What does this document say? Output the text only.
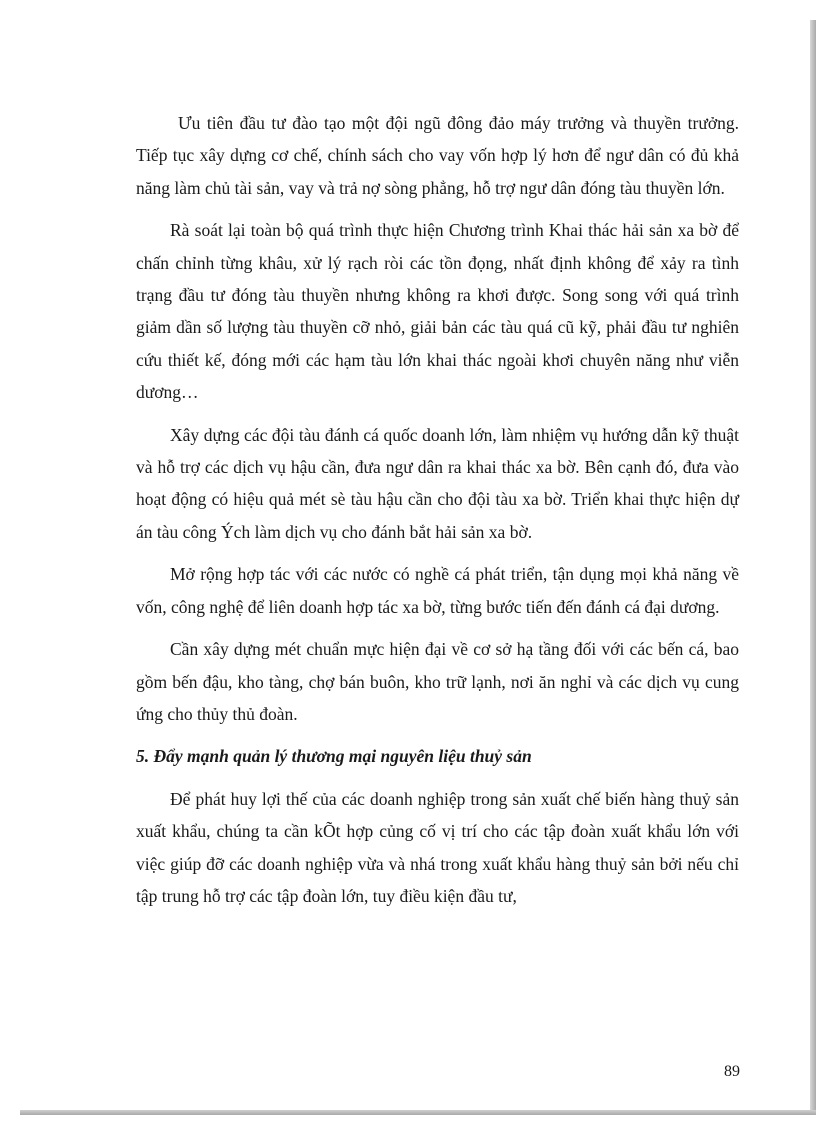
Ưu tiên đầu tư đào tạo một đội ngũ đông đảo máy trưởng và thuyền trưởng. Tiếp tục xây dựng cơ chế, chính sách cho vay vốn hợp lý hơn để ngư dân có đủ khả năng làm chủ tài sản, vay và trả nợ sòng phẳng, hỗ trợ ngư dân đóng tàu thuyền lớn.

Rà soát lại toàn bộ quá trình thực hiện Chương trình Khai thác hải sản xa bờ để chấn chỉnh từng khâu, xử lý rạch ròi các tồn đọng, nhất định không để xảy ra tình trạng đầu tư đóng tàu thuyền nhưng không ra khơi được. Song song với quá trình giảm dần số lượng tàu thuyền cỡ nhỏ, giải bản các tàu quá cũ kỹ, phải đầu tư nghiên cứu thiết kế, đóng mới các hạm tàu lớn khai thác ngoài khơi chuyên năng như viễn dương…

Xây dựng các đội tàu đánh cá quốc doanh lớn, làm nhiệm vụ hướng dẫn kỹ thuật và hỗ trợ các dịch vụ hậu cần, đưa ngư dân ra khai thác xa bờ. Bên cạnh đó, đưa vào hoạt động có hiệu quả mét sè tàu hậu cần cho đội tàu xa bờ. Triển khai thực hiện dự án tàu công Ých làm dịch vụ cho đánh bắt hải sản xa bờ.

Mở rộng hợp tác với các nước có nghề cá phát triển, tận dụng mọi khả năng về vốn, công nghệ để liên doanh hợp tác xa bờ, từng bước tiến đến đánh cá đại dương.

Cần xây dựng mét chuẩn mực hiện đại về cơ sở hạ tầng đối với các bến cá, bao gồm bến đậu, kho tàng, chợ bán buôn, kho trữ lạnh, nơi ăn nghỉ và các dịch vụ cung ứng cho thủy thủ đoàn.

5. Đẩy mạnh quản lý thương mại nguyên liệu thuỷ sản

Để phát huy lợi thế của các doanh nghiệp trong sản xuất chế biến hàng thuỷ sản xuất khẩu, chúng ta cần kÕt hợp củng cố vị trí cho các tập đoàn xuất khẩu lớn với việc giúp đỡ các doanh nghiệp vừa và nhá trong xuất khẩu hàng thuỷ sản bởi nếu chỉ tập trung hỗ trợ các tập đoàn lớn, tuy điều kiện đầu tư,

89
